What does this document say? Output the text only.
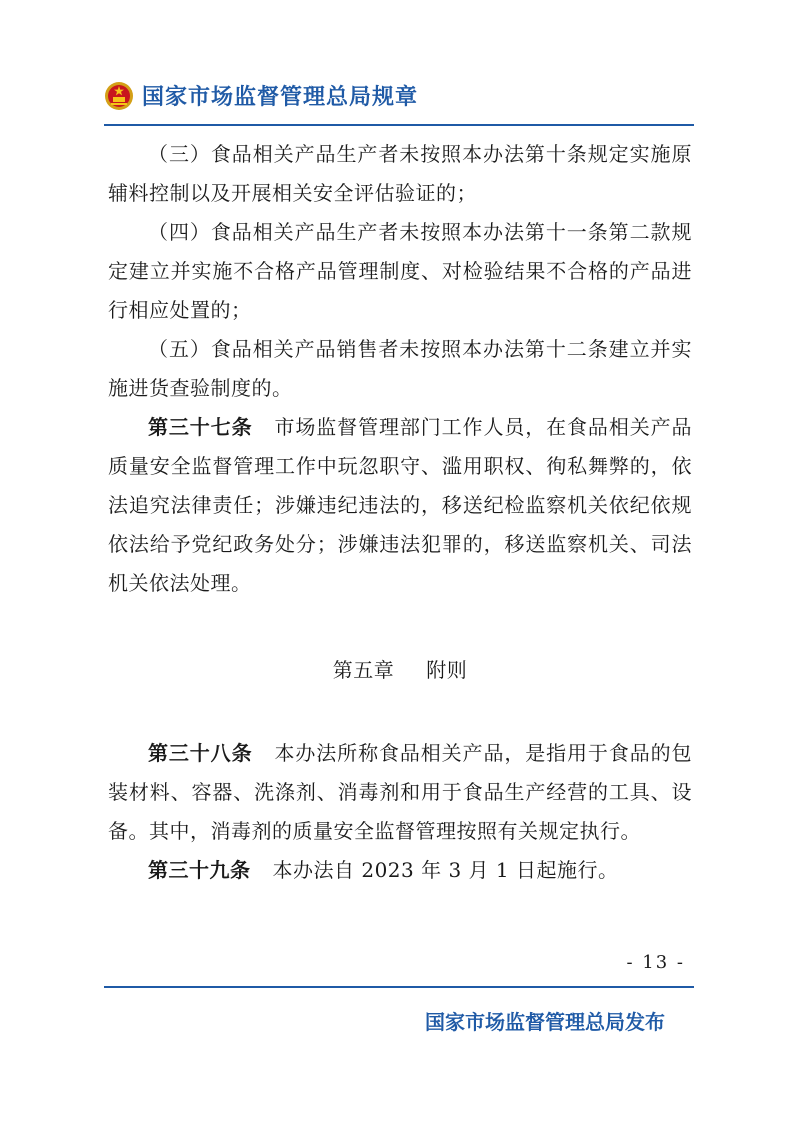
国家市场监督管理总局规章

（三）食品相关产品生产者未按照本办法第十条规定实施原辅料控制以及开展相关安全评估验证的；

（四）食品相关产品生产者未按照本办法第十一条第二款规定建立并实施不合格产品管理制度、对检验结果不合格的产品进行相应处置的；

（五）食品相关产品销售者未按照本办法第十二条建立并实施进货查验制度的。

第三十七条 市场监督管理部门工作人员，在食品相关产品质量安全监督管理工作中玩忽职守、滥用职权、徇私舞弊的，依法追究法律责任；涉嫌违纪违法的，移送纪检监察机关依纪依规依法给予党纪政务处分；涉嫌违法犯罪的，移送监察机关、司法机关依法处理。

第五章 附则

第三十八条 本办法所称食品相关产品，是指用于食品的包装材料、容器、洗涤剂、消毒剂和用于食品生产经营的工具、设备。其中，消毒剂的质量安全监督管理按照有关规定执行。

第三十九条 本办法自 2023 年 3 月 1 日起施行。

- 13 -
国家市场监督管理总局发布
